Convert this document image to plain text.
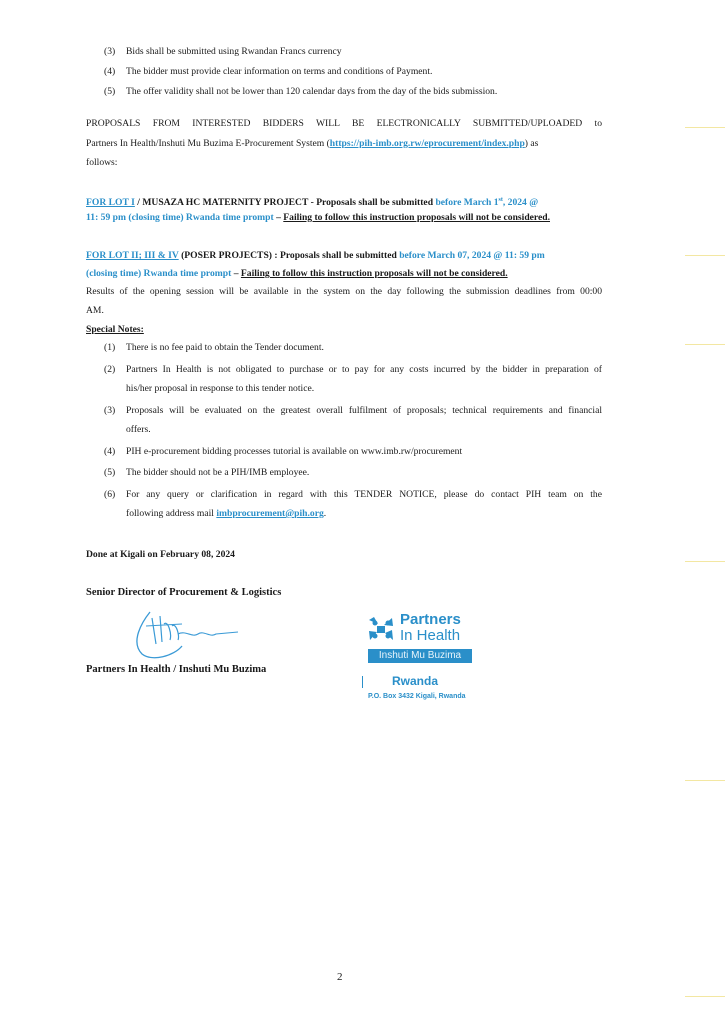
(3) Bids shall be submitted using Rwandan Francs currency
(4) The bidder must provide clear information on terms and conditions of Payment.
(5) The offer validity shall not be lower than 120 calendar days from the day of the bids submission.
PROPOSALS FROM INTERESTED BIDDERS WILL BE ELECTRONICALLY SUBMITTED/UPLOADED to
Partners In Health/Inshuti Mu Buzima E-Procurement System (https://pih-imb.org.rw/eprocurement/index.php) as
follows:
FOR LOT I / MUSAZA HC MATERNITY PROJECT - Proposals shall be submitted before March 1st, 2024 @
11: 59 pm (closing time) Rwanda time prompt – Failing to follow this instruction proposals will not be considered.
FOR LOT II; III & IV (POSER PROJECTS) : Proposals shall be submitted before March 07, 2024 @ 11: 59 pm
(closing time) Rwanda time prompt – Failing to follow this instruction proposals will not be considered.
Results of the opening session will be available in the system on the day following the submission deadlines from 00:00
AM.
Special Notes:
(1) There is no fee paid to obtain the Tender document.
(2) Partners In Health is not obligated to purchase or to pay for any costs incurred by the bidder in preparation of
his/her proposal in response to this tender notice.
(3) Proposals will be evaluated on the greatest overall fulfilment of proposals; technical requirements and financial
offers.
(4) PIH e-procurement bidding processes tutorial is available on www.imb.rw/procurement
(5) The bidder should not be a PIH/IMB employee.
(6) For any query or clarification in regard with this TENDER NOTICE, please do contact PIH team on the
following address mail imbprocurement@pih.org.
Done at Kigali on February 08, 2024
Senior Director of Procurement & Logistics
Partners In Health / Inshuti Mu Buzima
Partners
In Health
Inshuti Mu Buzima
Rwanda
P.O. Box 3432 Kigali, Rwanda
2
